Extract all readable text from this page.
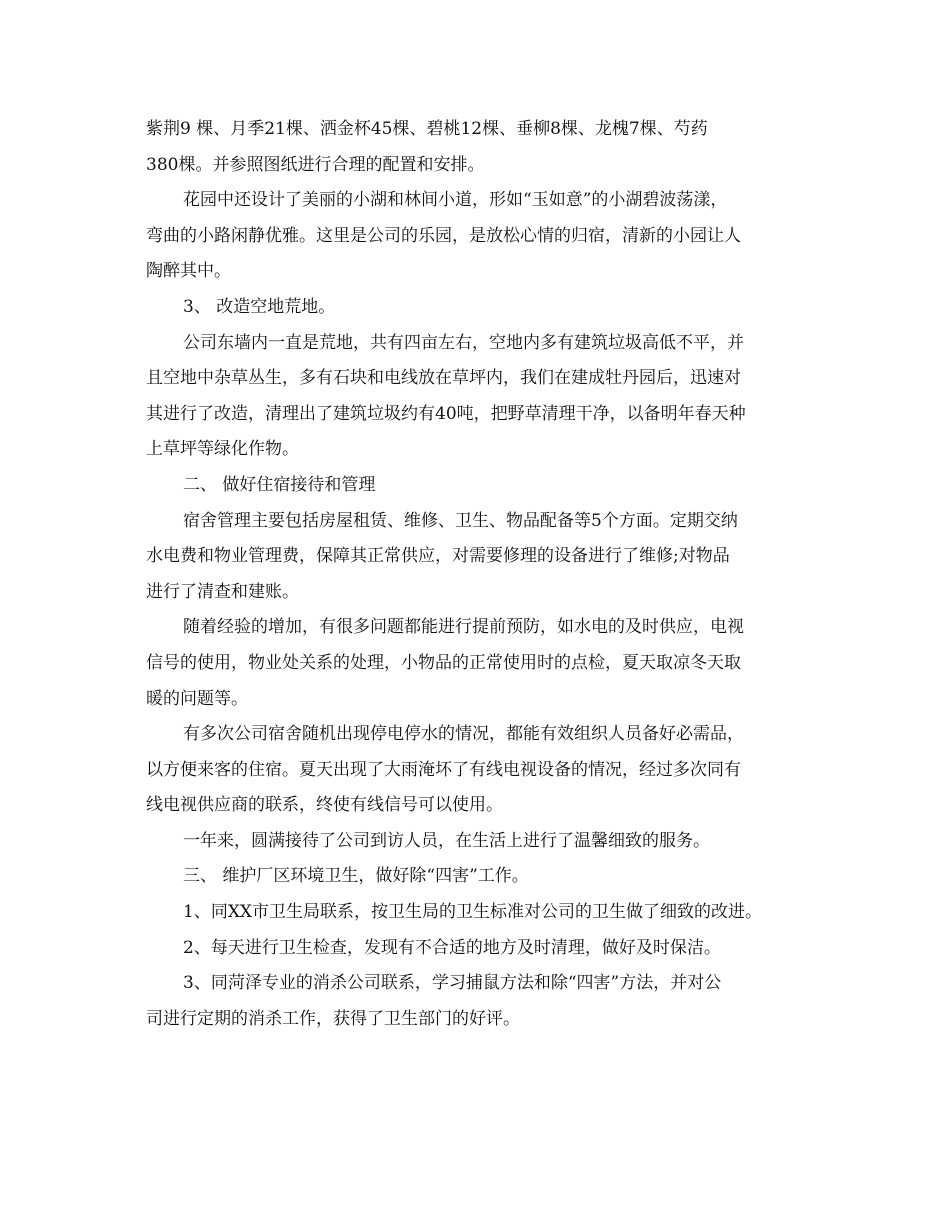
紫荆9 棵、月季21棵、洒金杯45棵、碧桃12棵、垂柳8棵、龙槐7棵、芍药
380棵。并参照图纸进行合理的配置和安排。
花园中还设计了美丽的小湖和林间小道，形如“玉如意”的小湖碧波荡漾，
弯曲的小路闲静优雅。这里是公司的乐园，是放松心情的归宿，清新的小园让人
陶醉其中。
3、 改造空地荒地。
公司东墙内一直是荒地，共有四亩左右，空地内多有建筑垃圾高低不平，并
且空地中杂草丛生，多有石块和电线放在草坪内，我们在建成牡丹园后，迅速对
其进行了改造，清理出了建筑垃圾约有40吨，把野草清理干净，以备明年春天种
上草坪等绿化作物。
二、 做好住宿接待和管理
宿舍管理主要包括房屋租赁、维修、卫生、物品配备等5个方面。定期交纳
水电费和物业管理费，保障其正常供应，对需要修理的设备进行了维修;对物品
进行了清查和建账。
随着经验的增加，有很多问题都能进行提前预防，如水电的及时供应，电视
信号的使用，物业处关系的处理，小物品的正常使用时的点检，夏天取凉冬天取
暖的问题等。
有多次公司宿舍随机出现停电停水的情况，都能有效组织人员备好必需品，
以方便来客的住宿。夏天出现了大雨淹坏了有线电视设备的情况，经过多次同有
线电视供应商的联系，终使有线信号可以使用。
一年来，圆满接待了公司到访人员，在生活上进行了温馨细致的服务。
三、 维护厂区环境卫生，做好除“四害”工作。
1、同XX市卫生局联系，按卫生局的卫生标准对公司的卫生做了细致的改进。
2、每天进行卫生检查，发现有不合适的地方及时清理，做好及时保洁。
3、同菏泽专业的消杀公司联系，学习捕鼠方法和除“四害”方法，并对公
司进行定期的消杀工作，获得了卫生部门的好评。
